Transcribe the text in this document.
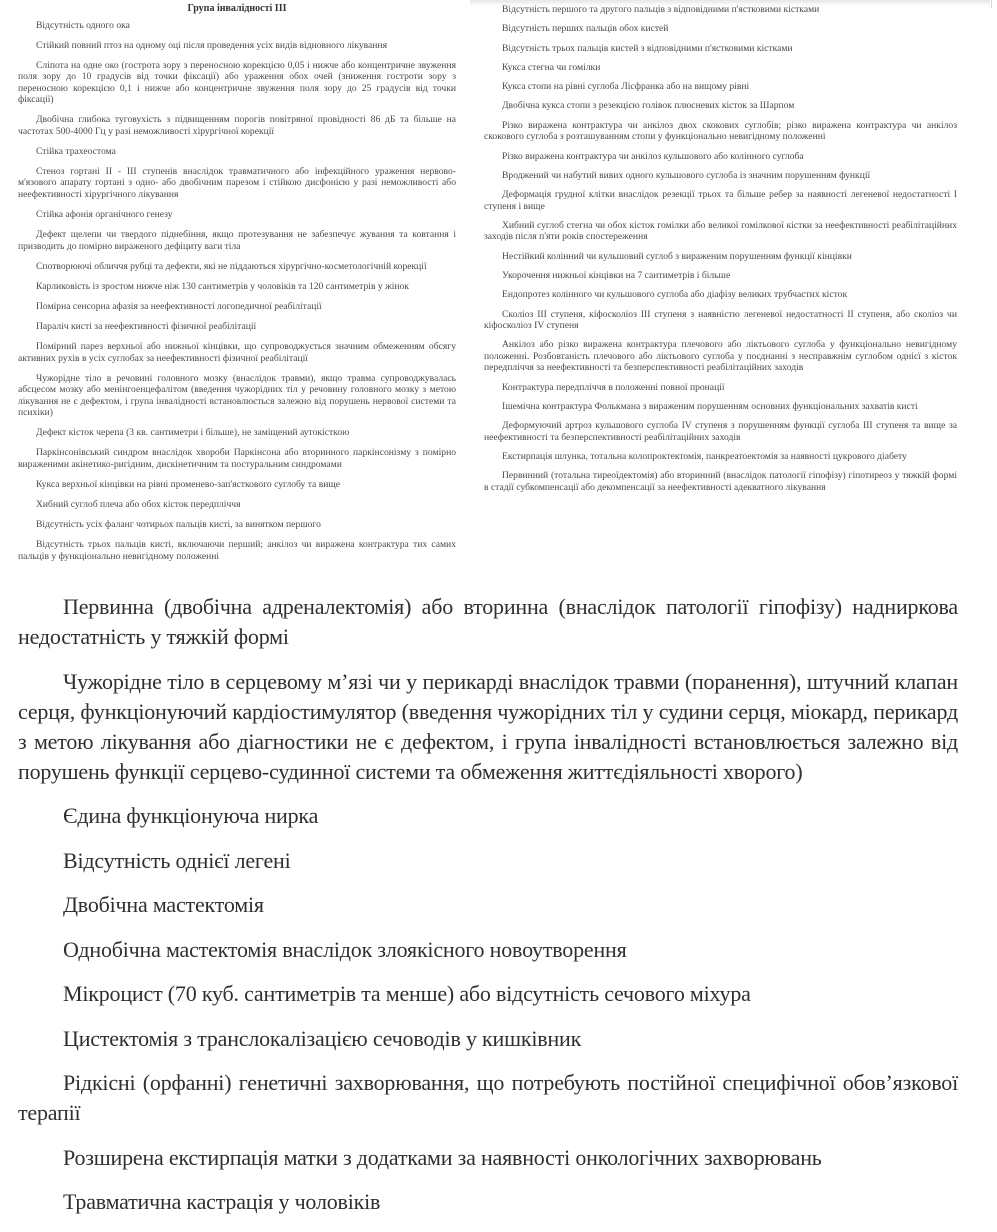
Група інвалідності III

Відсутність одного ока

Стійкий повний птоз на одному оці після проведення усіх видів відновного лікування

Сліпота на одне око (гострота зору з переносною корекцією 0,05 і нижче або концентричне звуження поля зору до 10 градусів від точки фіксації) або ураження обох очей (зниження гостроти зору з переносною корекцією 0,1 і нижче або концентричне звуження поля зору до 25 градусів від точки фіксації)

Двобічна глибока туговухість з підвищенням порогів повітряної провідності 86 дБ та більше на частотах 500-4000 Гц у разі неможливості хірургічної корекції

Стійка трахеостома

Стеноз гортані ІІ - ІІІ ступенів внаслідок травматичного або інфекційного ураження нервово-м'язового апарату гортані з одно- або двобічним парезом і стійкою дисфонією у разі неможливості або неефективності хірургічного лікування

Стійка афонія органічного генезу

Дефект щелепи чи твердого піднебіння, якщо протезування не забезпечує жування та ковтання і призводить до помірно вираженого дефіциту ваги тіла

Спотворюючі обличчя рубці та дефекти, які не піддаються хірургічно-косметологічній корекції

Карликовість із зростом нижче ніж 130 сантиметрів у чоловіків та 120 сантиметрів у жінок

Помірна сенсорна афазія за неефективності логопедичної реабілітації

Параліч кисті за неефективності фізичної реабілітації

Помірний парез верхньої або нижньої кінцівки, що супроводжується значним обмеженням обсягу активних рухів в усіх суглобах за неефективності фізичної реабілітації

Чужорідне тіло в речовині головного мозку (внаслідок травми), якщо травма супроводжувалась абсцесом мозку або менінгоенцефалітом (введення чужорідних тіл у речовину головного мозку з метою лікування не є дефектом, і група інвалідності встановлюється залежно від порушень нервової системи та психіки)

Дефект кісток черепа (3 кв. сантиметри і більше), не заміщений аутокісткою

Паркінсонівський синдром внаслідок хвороби Паркінсона або вторинного паркінсонізму з помірно вираженими акінетико-ригідним, дискінетичним та постуральним синдромами

Кукса верхньої кінцівки на рівні променево-зап'ясткового суглобу та вище

Хибний суглоб плеча або обох кісток передпліччя

Відсутність усіх фаланг чотирьох пальців кисті, за винятком першого

Відсутність трьох пальців кисті, включаючи перший; анкілоз чи виражена контрактура тих самих пальців у функціонально невигідному положенні

Відсутність першого та другого пальців з відповідними п'ястковими кістками

Відсутність перших пальців обох кистей

Відсутність трьох пальців кистей з відповідними п'ястковими кістками

Кукса стегна чи гомілки

Кукса стопи на рівні суглоба Лісфранка або на вищому рівні

Двобічна кукса стопи з резекцією голівок плюсневих кісток за Шарпом

Різко виражена контрактура чи анкілоз двох скокових суглобів; різко виражена контрактура чи анкілоз скокового суглоба з розташуванням стопи у функціонально невигідному положенні

Різко виражена контрактура чи анкілоз кульшового або колінного суглоба

Вроджений чи набутий вивих одного кульшового суглоба із значним порушенням функції

Деформація грудної клітки внаслідок резекції трьох та більше ребер за наявності легеневої недостатності І ступеня і вище

Хибний суглоб стегна чи обох кісток гомілки або великої гомілкової кістки за неефективності реабілітаційних заходів після п'яти років спостереження

Нестійкий колінний чи кульшовий суглоб з вираженим порушенням функції кінцівки

Укорочення нижньої кінцівки на 7 сантиметрів і більше

Ендопротез колінного чи кульшового суглоба або діафізу великих трубчастих кісток

Сколіоз ІІІ ступеня, кіфосколіоз ІІІ ступеня з наявністю легеневої недостатності ІІ ступеня, або сколіоз чи кіфосколіоз IV ступеня

Анкілоз або різко виражена контрактура плечового або ліктьового суглоба у функціонально невигідному положенні. Розбовтаність плечового або ліктьового суглоба у поєднанні з несправжнім суглобом однієї з кісток передпліччя за неефективності та безперспективності реабілітаційних заходів

Контрактура передпліччя в положенні повної пронації

Ішемічна контрактура Фолькмана з вираженим порушенням основних функціональних захватів кисті

Деформуючий артроз кульшового суглоба IV ступеня з порушенням функції суглоба ІІІ ступеня та вище за неефективності та безперспективності реабілітаційних заходів

Екстирпація шлунка, тотальна колопроктектомія, панкреатоектомія за наявності цукрового діабету

Первинний (тотальна тиреоїдектомія) або вторинний (внаслідок патології гіпофізу) гіпотиреоз у тяжкій формі в стадії субкомпенсації або декомпенсації за неефективності адекватного лікування

Первинна (двобічна адреналектомія) або вторинна (внаслідок патології гіпофізу) надниркова недостатність у тяжкій формі

Чужорідне тіло в серцевому м’язі чи у перикарді внаслідок травми (поранення), штучний клапан серця, функціонуючий кардіостимулятор (введення чужорідних тіл у судини серця, міокард, перикард з метою лікування або діагностики не є дефектом, і група інвалідності встановлюється залежно від порушень функції серцево-судинної системи та обмеження життєдіяльності хворого)

Єдина функціонуюча нирка

Відсутність однієї легені

Двобічна мастектомія

Однобічна мастектомія внаслідок злоякісного новоутворення

Мікроцист (70 куб. сантиметрів та менше) або відсутність сечового міхура

Цистектомія з транслокалізацією сечоводів у кишківник

Рідкісні (орфанні) генетичні захворювання, що потребують постійної специфічної обов’язкової терапії

Розширена екстирпація матки з додатками за наявності онкологічних захворювань

Травматична кастрація у чоловіків
